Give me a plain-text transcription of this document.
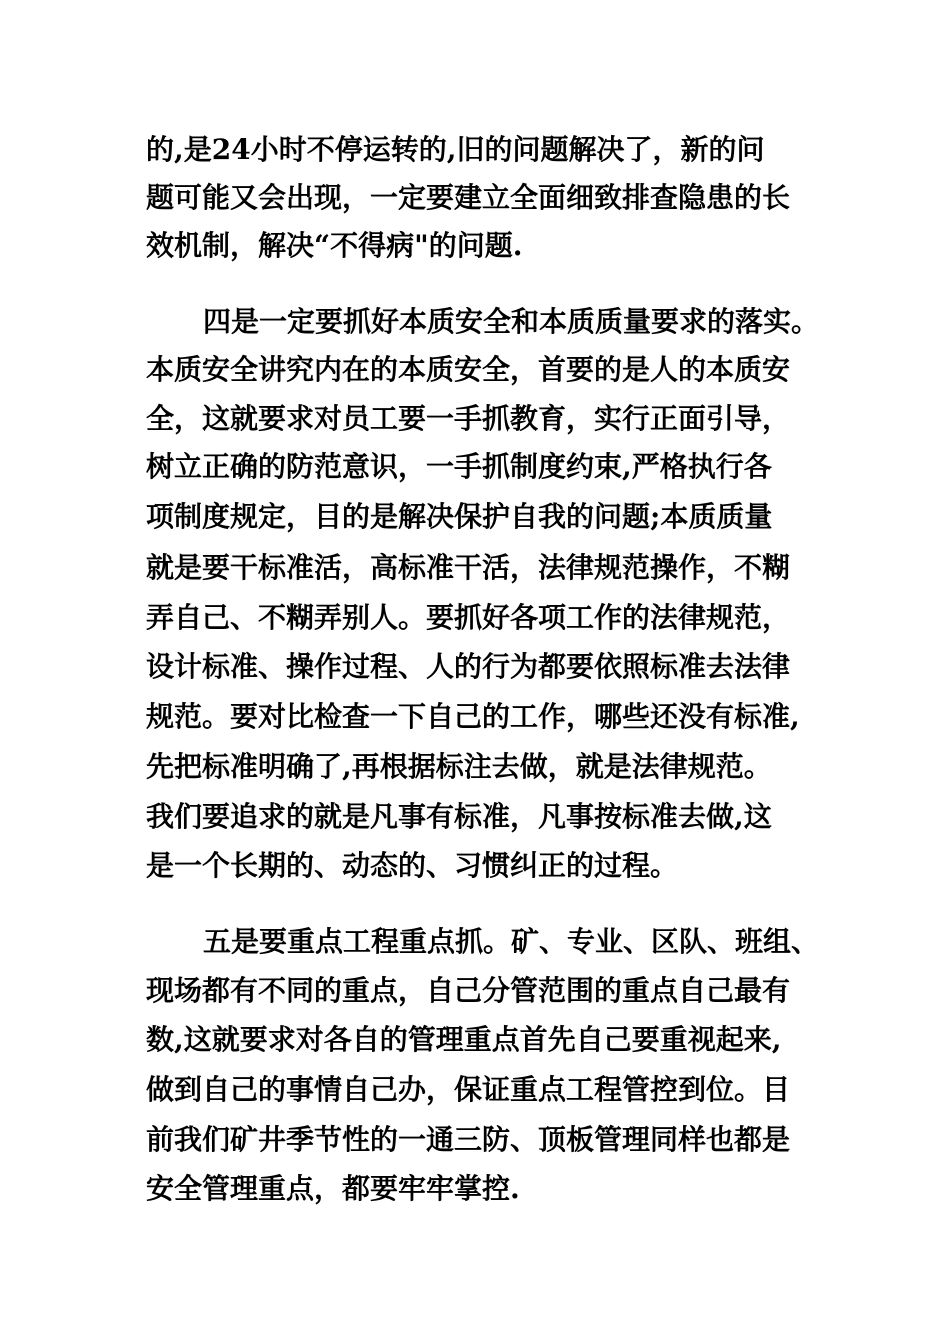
的,是24小时不停运转的,旧的问题解决了，新的问
题可能又会出现，一定要建立全面细致排查隐患的长
效机制，解决“不得病"的问题.
四是一定要抓好本质安全和本质质量要求的落实。
本质安全讲究内在的本质安全，首要的是人的本质安
全，这就要求对员工要一手抓教育，实行正面引导，
树立正确的防范意识，一手抓制度约束,严格执行各
项制度规定，目的是解决保护自我的问题;本质质量
就是要干标准活，高标准干活，法律规范操作，不糊
弄自己、不糊弄别人。要抓好各项工作的法律规范，
设计标准、操作过程、人的行为都要依照标准去法律
规范。要对比检查一下自己的工作，哪些还没有标准,
先把标准明确了,再根据标注去做，就是法律规范。
我们要追求的就是凡事有标准，凡事按标准去做,这
是一个长期的、动态的、习惯纠正的过程。
五是要重点工程重点抓。矿、专业、区队、班组、
现场都有不同的重点，自己分管范围的重点自己最有
数,这就要求对各自的管理重点首先自己要重视起来,
做到自己的事情自己办，保证重点工程管控到位。目
前我们矿井季节性的一通三防、顶板管理同样也都是
安全管理重点，都要牢牢掌控.
